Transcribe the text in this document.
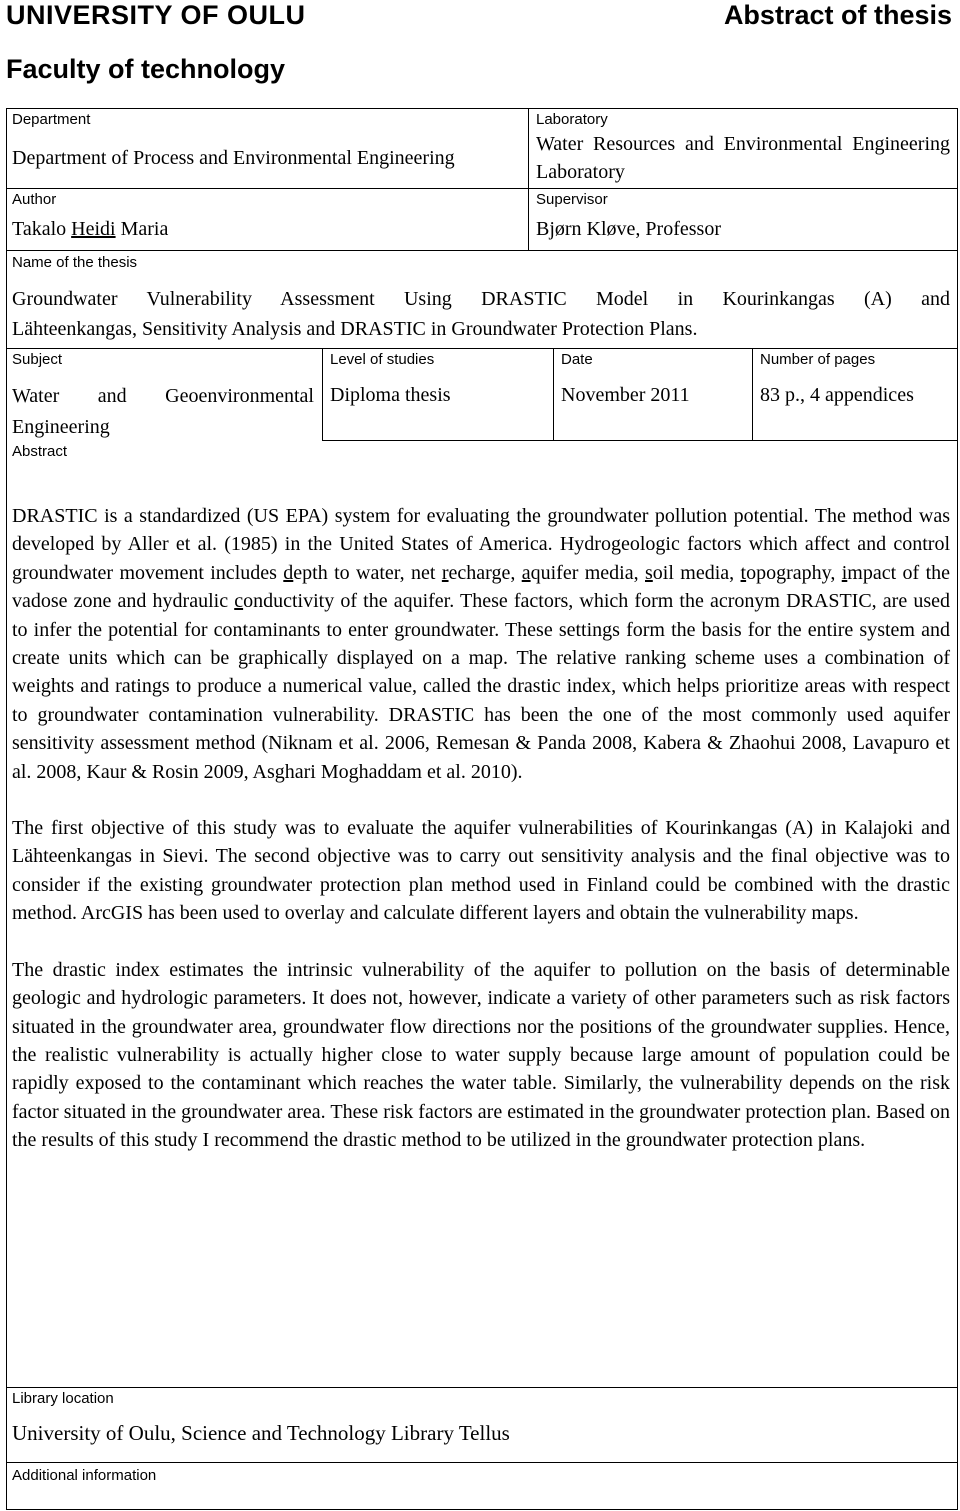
UNIVERSITY OF OULU	Abstract of thesis
Faculty of technology
Department
Department of Process and Environmental Engineering
Laboratory
Water Resources and Environmental Engineering Laboratory
Author
Takalo Heidi Maria
Supervisor
Bjørn Kløve, Professor
Name of the thesis
Groundwater Vulnerability Assessment Using DRASTIC Model in Kourinkangas (A) and
Lähteenkangas, Sensitivity Analysis and DRASTIC in Groundwater Protection Plans.
Subject
Water and Geoenvironmental Engineering
Level of studies
Diploma thesis
Date
November 2011
Number of pages
83 p., 4 appendices
Abstract

DRASTIC is a standardized (US EPA) system for evaluating the groundwater pollution potential. The method was developed by Aller et al. (1985) in the United States of America. Hydrogeologic factors which affect and control groundwater movement includes depth to water, net recharge, aquifer media, soil media, topography, impact of the vadose zone and hydraulic conductivity of the aquifer. These factors, which form the acronym DRASTIC, are used to infer the potential for contaminants to enter groundwater. These settings form the basis for the entire system and create units which can be graphically displayed on a map. The relative ranking scheme uses a combination of weights and ratings to produce a numerical value, called the drastic index, which helps prioritize areas with respect to groundwater contamination vulnerability. DRASTIC has been the one of the most commonly used aquifer sensitivity assessment method (Niknam et al. 2006, Remesan & Panda 2008, Kabera & Zhaohui 2008, Lavapuro et al. 2008, Kaur & Rosin 2009, Asghari Moghaddam et al. 2010).

The first objective of this study was to evaluate the aquifer vulnerabilities of Kourinkangas (A) in Kalajoki and Lähteenkangas in Sievi. The second objective was to carry out sensitivity analysis and the final objective was to consider if the existing groundwater protection plan method used in Finland could be combined with the drastic method. ArcGIS has been used to overlay and calculate different layers and obtain the vulnerability maps.

The drastic index estimates the intrinsic vulnerability of the aquifer to pollution on the basis of determinable geologic and hydrologic parameters. It does not, however, indicate a variety of other parameters such as risk factors situated in the groundwater area, groundwater flow directions nor the positions of the groundwater supplies. Hence, the realistic vulnerability is actually higher close to water supply because large amount of population could be rapidly exposed to the contaminant which reaches the water table. Similarly, the vulnerability depends on the risk factor situated in the groundwater area. These risk factors are estimated in the groundwater protection plan. Based on the results of this study I recommend the drastic method to be utilized in the groundwater protection plans.

Library location
University of Oulu, Science and Technology Library Tellus
Additional information
